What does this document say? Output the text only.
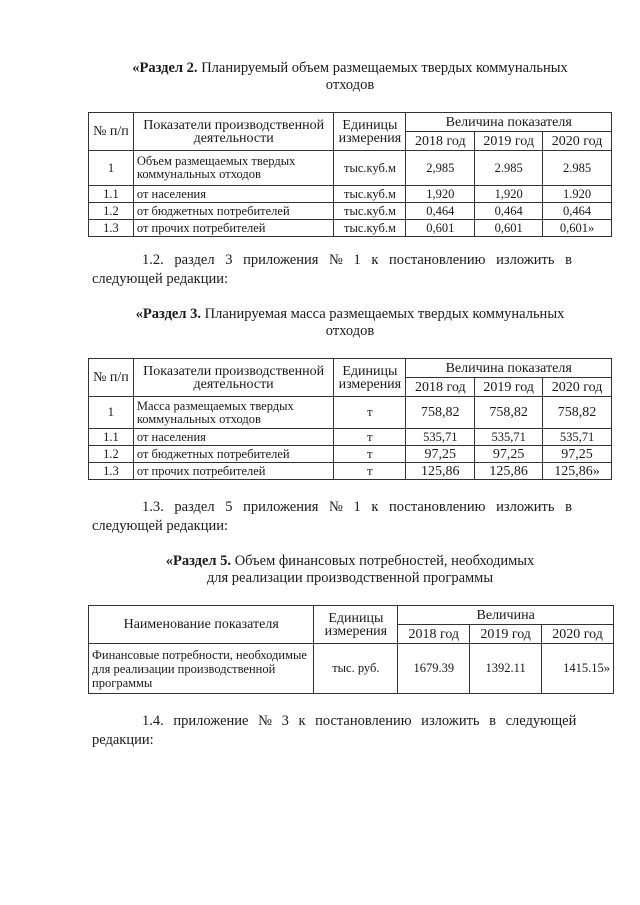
«Раздел 2. Планируемый объем размещаемых твердых коммунальных
отходов
№ п/п	Показатели производственной деятельности	Единицы измерения	Величина показателя		
			2018 год	2019 год	2020 год
1	Объем размещаемых твердых коммунальных отходов	тыс.куб.м	2,985	2.985	2.985
1.1	от населения	тыс.куб.м	1,920	1,920	1.920
1.2	от бюджетных потребителей	тыс.куб.м	0,464	0,464	0,464
1.3	от прочих потребителей	тыс.куб.м	0,601	0,601	0,601»
1.2. раздел 3 приложения № 1 к постановлению изложить в
следующей редакции:
«Раздел 3. Планируемая масса размещаемых твердых коммунальных
отходов
№ п/п	Показатели производственной деятельности	Единицы измерения	Величина показателя		
			2018 год	2019 год	2020 год
1	Масса размещаемых твердых коммунальных отходов	т	758,82	758,82	758,82
1.1	от населения	т	535,71	535,71	535,71
1.2	от бюджетных потребителей	т	97,25	97,25	97,25
1.3	от прочих потребителей	т	125,86	125,86	125,86»
1.3. раздел 5 приложения № 1 к постановлению изложить в
следующей редакции:
«Раздел 5. Объем финансовых потребностей, необходимых
для реализации производственной программы
Наименование показателя	Единицы измерения	Величина		
		2018 год	2019 год	2020 год
Финансовые потребности, необходимые для реализации производственной программы	тыс. руб.	1679.39	1392.11	1415.15»
1.4. приложение № 3 к постановлению изложить в следующей
редакции:
